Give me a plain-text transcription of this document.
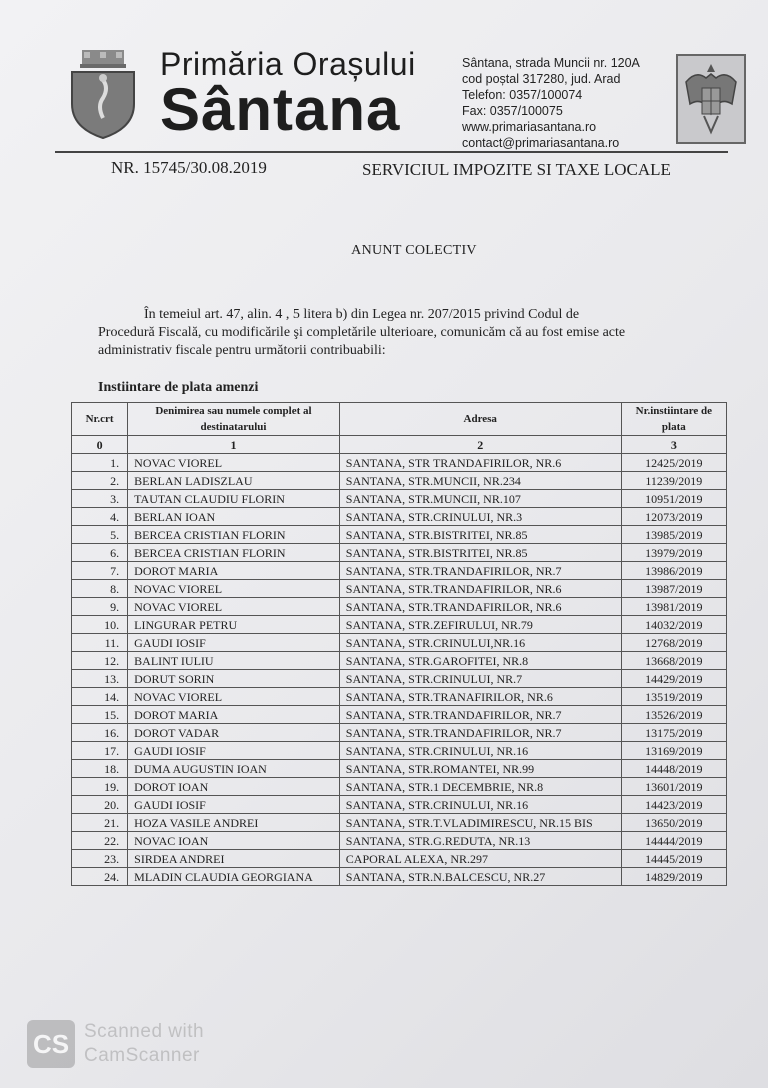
Primăria Orașului
Sântana
Sântana, strada Muncii nr. 120A
cod poștal 317280, jud. Arad
Telefon: 0357/100074
Fax: 0357/100075
www.primariasantana.ro
contact@primariasantana.ro
NR. 15745/30.08.2019	SERVICIUL IMPOZITE SI TAXE LOCALE
ANUNT COLECTIV

În temeiul art. 47, alin. 4 , 5 litera b) din Legea nr. 207/2015 privind Codul de

Procedură Fiscală, cu modificările şi completările ulterioare, comunicăm că au fost emise acte

administrativ fiscale pentru următorii contribuabili:

Instiintare de plata amenzi
Nr.crt	Denimirea sau numele complet al destinatarului	Adresa	Nr.instiintare de plata
0	1	2	3
1.	NOVAC VIOREL	SANTANA, STR TRANDAFIRILOR, NR.6	12425/2019
2.	BERLAN LADISZLAU	SANTANA, STR.MUNCII, NR.234	11239/2019
3.	TAUTAN CLAUDIU FLORIN	SANTANA, STR.MUNCII, NR.107	10951/2019
4.	BERLAN IOAN	SANTANA, STR.CRINULUI, NR.3	12073/2019
5.	BERCEA CRISTIAN FLORIN	SANTANA, STR.BISTRITEI, NR.85	13985/2019
6.	BERCEA CRISTIAN FLORIN	SANTANA, STR.BISTRITEI, NR.85	13979/2019
7.	DOROT MARIA	SANTANA, STR.TRANDAFIRILOR, NR.7	13986/2019
8.	NOVAC VIOREL	SANTANA, STR.TRANDAFIRILOR, NR.6	13987/2019
9.	NOVAC VIOREL	SANTANA, STR.TRANDAFIRILOR, NR.6	13981/2019
10.	LINGURAR PETRU	SANTANA, STR.ZEFIRULUI, NR.79	14032/2019
11.	GAUDI IOSIF	SANTANA, STR.CRINULUI,NR.16	12768/2019
12.	BALINT IULIU	SANTANA, STR.GAROFITEI, NR.8	13668/2019
13.	DORUT SORIN	SANTANA, STR.CRINULUI, NR.7	14429/2019
14.	NOVAC VIOREL	SANTANA, STR.TRANAFIRILOR, NR.6	13519/2019
15.	DOROT MARIA	SANTANA, STR.TRANDAFIRILOR, NR.7	13526/2019
16.	DOROT VADAR	SANTANA, STR.TRANDAFIRILOR, NR.7	13175/2019
17.	GAUDI IOSIF	SANTANA, STR.CRINULUI, NR.16	13169/2019
18.	DUMA AUGUSTIN IOAN	SANTANA, STR.ROMANTEI, NR.99	14448/2019
19.	DOROT IOAN	SANTANA, STR.1 DECEMBRIE, NR.8	13601/2019
20.	GAUDI IOSIF	SANTANA, STR.CRINULUI, NR.16	14423/2019
21.	HOZA VASILE ANDREI	SANTANA, STR.T.VLADIMIRESCU, NR.15 BIS	13650/2019
22.	NOVAC IOAN	SANTANA, STR.G.REDUTA, NR.13	14444/2019
23.	SIRDEA ANDREI	CAPORAL ALEXA, NR.297	14445/2019
24.	MLADIN CLAUDIA GEORGIANA	SANTANA, STR.N.BALCESCU, NR.27	14829/2019
CS Scanned with
CamScanner
